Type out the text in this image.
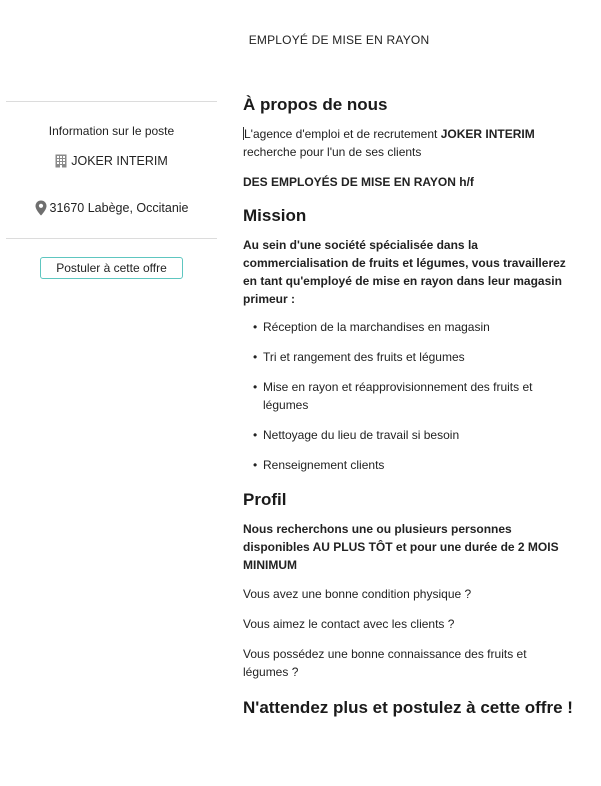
EMPLOYÉ DE MISE EN RAYON
Information sur le poste
JOKER INTERIM
31670 Labège, Occitanie
Postuler à cette offre
À propos de nous

L'agence d'emploi et de recrutement JOKER INTERIM recherche pour l'un de ses clients

DES EMPLOYÉS DE MISE EN RAYON h/f

Mission

Au sein d'une société spécialisée dans la commercialisation de fruits et légumes, vous travaillerez en tant qu'employé de mise en rayon dans leur magasin primeur :

• Réception de la marchandises en magasin
• Tri et rangement des fruits et légumes
• Mise en rayon et réapprovisionnement des fruits et légumes
• Nettoyage du lieu de travail si besoin
• Renseignement clients
Profil

Nous recherchons une ou plusieurs personnes disponibles AU PLUS TÔT et pour une durée de 2 MOIS MINIMUM

Vous avez une bonne condition physique ?

Vous aimez le contact avec les clients ?

Vous possédez une bonne connaissance des fruits et légumes ?

N'attendez plus et postulez à cette offre !
